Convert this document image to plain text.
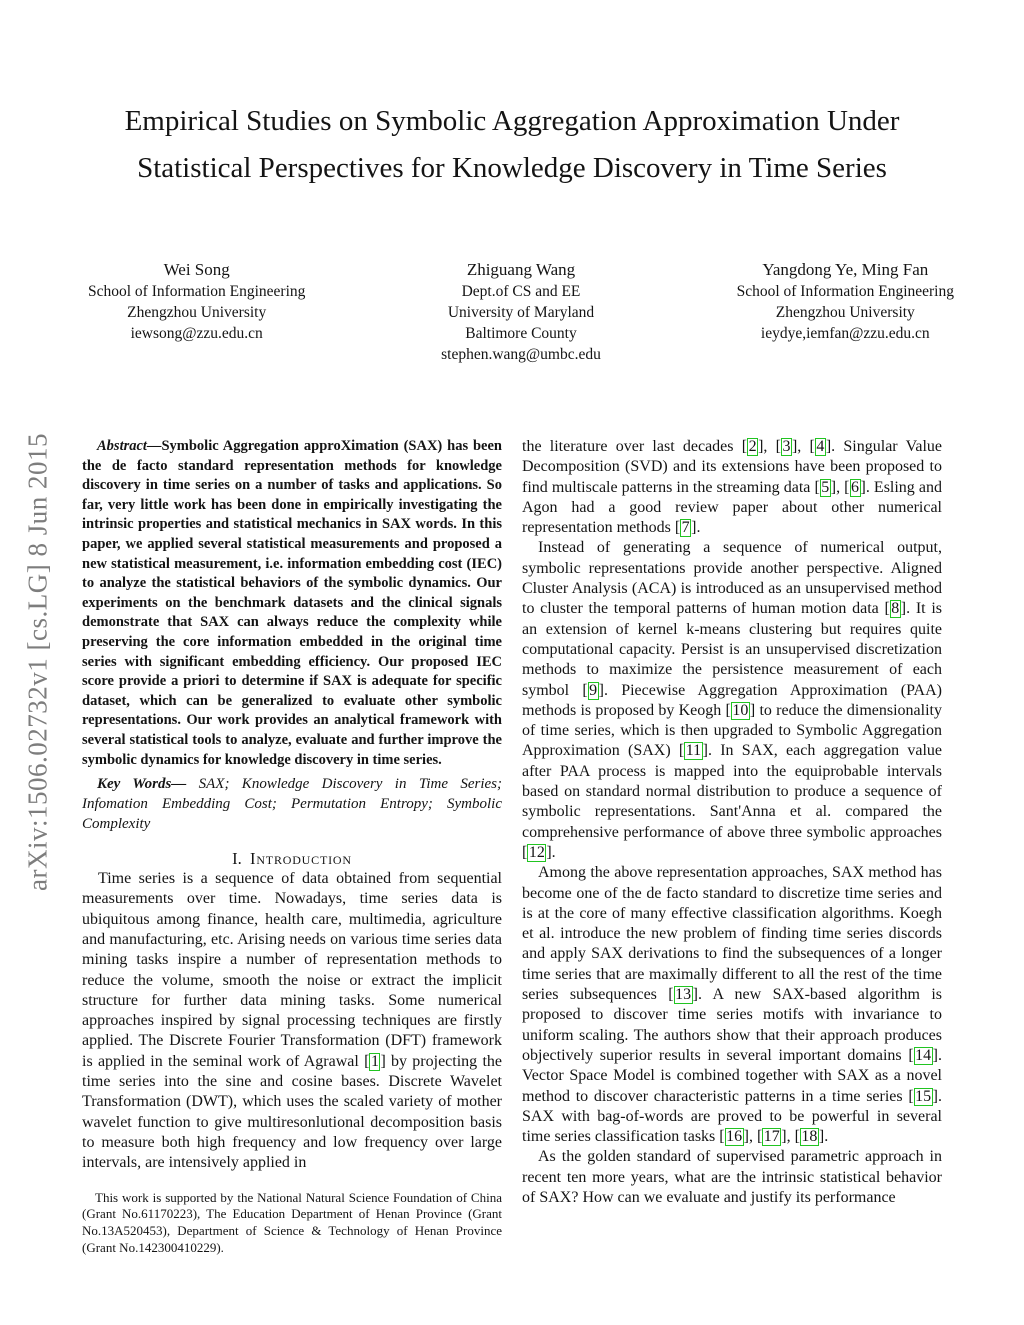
arXiv:1506.02732v1 [cs.LG] 8 Jun 2015
Empirical Studies on Symbolic Aggregation Approximation Under Statistical Perspectives for Knowledge Discovery in Time Series
Wei Song
School of Information Engineering
Zhengzhou University
iewsong@zzu.edu.cn
Zhiguang Wang
Dept.of CS and EE
University of Maryland
Baltimore County
stephen.wang@umbc.edu
Yangdong Ye, Ming Fan
School of Information Engineering
Zhengzhou University
ieydye,iemfan@zzu.edu.cn

Abstract—Symbolic Aggregation approXimation (SAX) has been the de facto standard representation methods for knowledge discovery in time series on a number of tasks and applications. So far, very little work has been done in empirically investigating the intrinsic properties and statistical mechanics in SAX words. In this paper, we applied several statistical measurements and proposed a new statistical measurement, i.e. information embedding cost (IEC) to analyze the statistical behaviors of the symbolic dynamics. Our experiments on the benchmark datasets and the clinical signals demonstrate that SAX can always reduce the complexity while preserving the core information embedded in the original time series with significant embedding efficiency. Our proposed IEC score provide a priori to determine if SAX is adequate for specific dataset, which can be generalized to evaluate other symbolic representations. Our work provides an analytical framework with several statistical tools to analyze, evaluate and further improve the symbolic dynamics for knowledge discovery in time series.

Key Words— SAX; Knowledge Discovery in Time Series; Infomation Embedding Cost; Permutation Entropy; Symbolic Complexity

I. Introduction

Time series is a sequence of data obtained from sequential measurements over time. Nowadays, time series data is ubiquitous among finance, health care, multimedia, agriculture and manufacturing, etc. Arising needs on various time series data mining tasks inspire a number of representation methods to reduce the volume, smooth the noise or extract the implicit structure for further data mining tasks. Some numerical approaches inspired by signal processing techniques are firstly applied. The Discrete Fourier Transformation (DFT) framework is applied in the seminal work of Agrawal [1] by projecting the time series into the sine and cosine bases. Discrete Wavelet Transformation (DWT), which uses the scaled variety of mother wavelet function to give multiresonlutional decomposition basis to measure both high frequency and low frequency over large intervals, are intensively applied in

This work is supported by the National Natural Science Foundation of China (Grant No.61170223), The Education Department of Henan Province (Grant No.13A520453), Department of Science & Technology of Henan Province (Grant No.142300410229).

the literature over last decades [2], [3], [4]. Singular Value Decomposition (SVD) and its extensions have been proposed to find multiscale patterns in the streaming data [5], [6]. Esling and Agon had a good review paper about other numerical representation methods [7].

Instead of generating a sequence of numerical output, symbolic representations provide another perspective. Aligned Cluster Analysis (ACA) is introduced as an unsupervised method to cluster the temporal patterns of human motion data [8]. It is an extension of kernel k-means clustering but requires quite computational capacity. Persist is an unsupervised discretization methods to maximize the persistence measurement of each symbol [9]. Piecewise Aggregation Approximation (PAA) methods is proposed by Keogh [10] to reduce the dimensionality of time series, which is then upgraded to Symbolic Aggregation Approximation (SAX) [11]. In SAX, each aggregation value after PAA process is mapped into the equiprobable intervals based on standard normal distribution to produce a sequence of symbolic representations. Sant'Anna et al. compared the comprehensive performance of above three symbolic approaches [12].

Among the above representation approaches, SAX method has become one of the de facto standard to discretize time series and is at the core of many effective classification algorithms. Koegh et al. introduce the new problem of finding time series discords and apply SAX derivations to find the subsequences of a longer time series that are maximally different to all the rest of the time series subsequences [13]. A new SAX-based algorithm is proposed to discover time series motifs with invariance to uniform scaling. The authors show that their approach produces objectively superior results in several important domains [14]. Vector Space Model is combined together with SAX as a novel method to discover characteristic patterns in a time series [15]. SAX with bag-of-words are proved to be powerful in several time series classification tasks [16], [17], [18].

As the golden standard of supervised parametric approach in recent ten more years, what are the intrinsic statistical behavior of SAX? How can we evaluate and justify its performance
